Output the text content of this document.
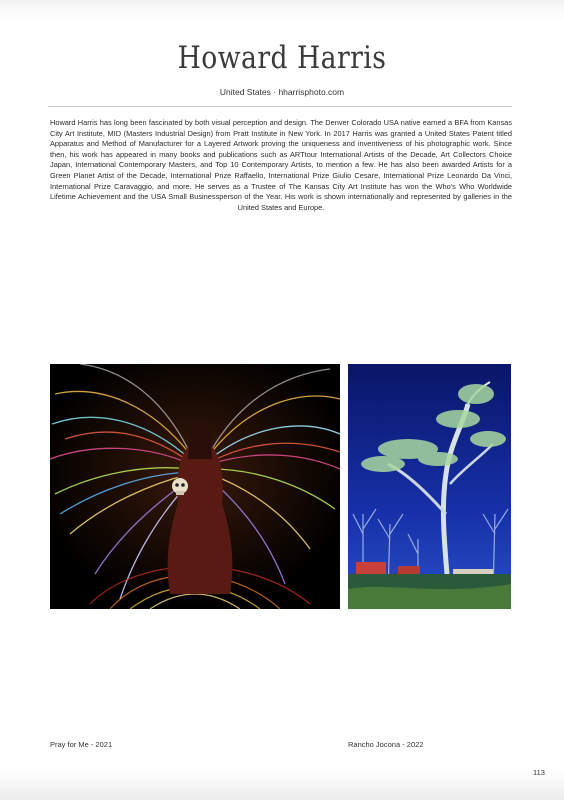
Howard Harris
United States · hharrisphoto.com
Howard Harris has long been fascinated by both visual perception and design. The Denver Colorado USA native earned a BFA from Kansas City Art Institute, MID (Masters Industrial Design) from Pratt Institute in New York. In 2017 Harris was granted a United States Patent titled Apparatus and Method of Manufacturer for a Layered Artwork proving the uniqueness and inventiveness of his photographic work. Since then, his work has appeared in many books and publications such as ARTtour International Artists of the Decade, Art Collectors Choice Japan, International Contemporary Masters, and Top 10 Contemporary Artists, to mention a few. He has also been awarded Artists for a Green Planet Artist of the Decade, International Prize Raffaello, International Prize Giulio Cesare, International Prize Leonardo Da Vinci, International Prize Caravaggio, and more. He serves as a Trustee of The Kansas City Art Institute has won the Who's Who Worldwide Lifetime Achievement and the USA Small Businessperson of the Year. His work is shown internationally and represented by galleries in the United States and Europe.
Pray for Me - 2021	Rancho Jocona - 2022
113
